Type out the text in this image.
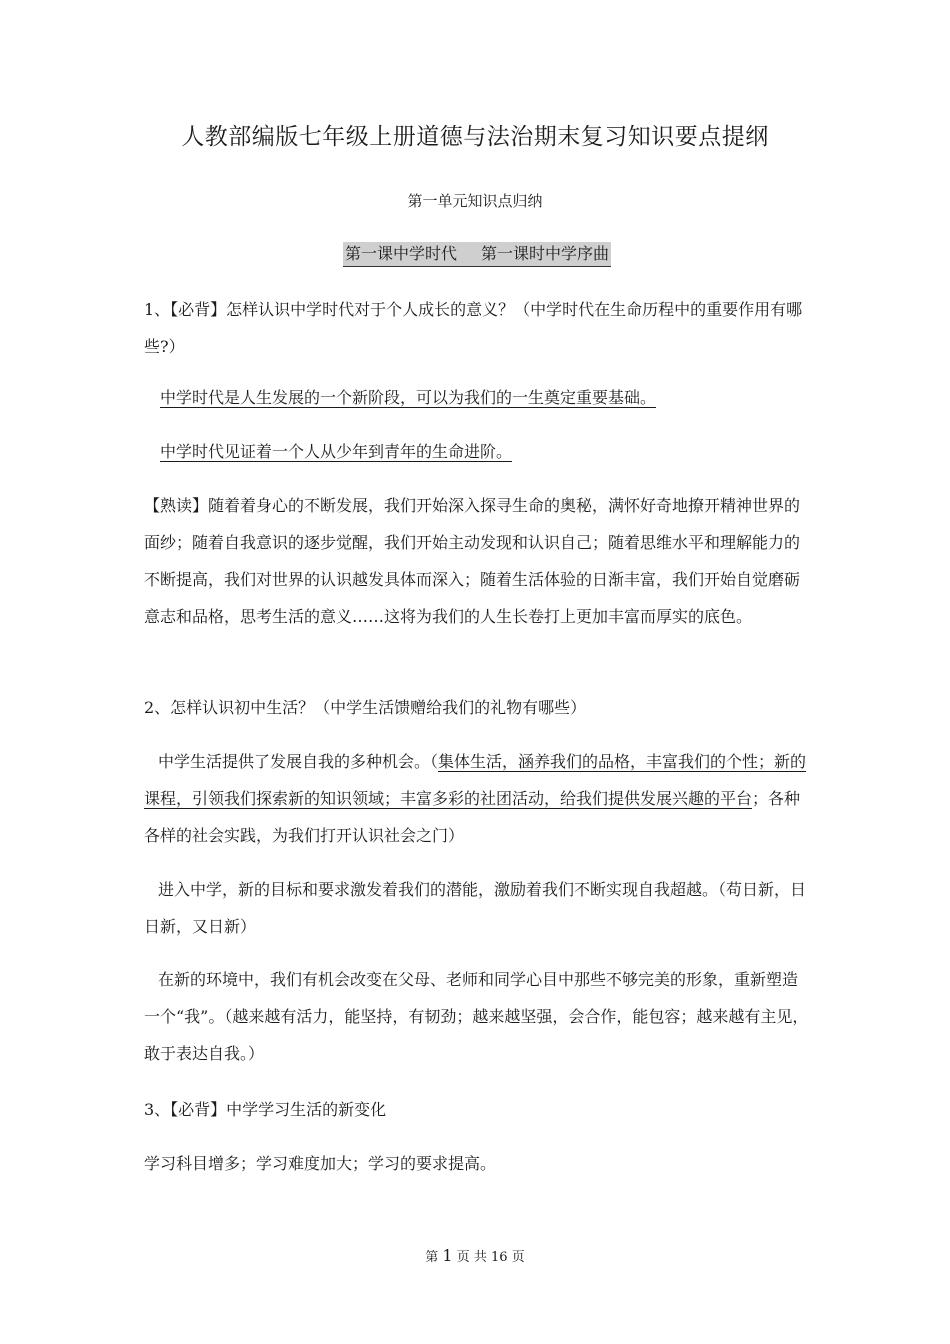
人教部编版七年级上册道德与法治期末复习知识要点提纲
第一单元知识点归纳
第一课中学时代 第一课时中学序曲

1、【必背】怎样认识中学时代对于个人成长的意义？（中学时代在生命历程中的重要作用有哪些?）

中学时代是人生发展的一个新阶段，可以为我们的一生奠定重要基础。

中学时代见证着一个人从少年到青年的生命进阶。

【熟读】随着着身心的不断发展，我们开始深入探寻生命的奥秘，满怀好奇地撩开精神世界的面纱；随着自我意识的逐步觉醒，我们开始主动发现和认识自己；随着思维水平和理解能力的不断提高，我们对世界的认识越发具体而深入；随着生活体验的日渐丰富，我们开始自觉磨砺意志和品格，思考生活的意义……这将为我们的人生长卷打上更加丰富而厚实的底色。

2、怎样认识初中生活？（中学生活馈赠给我们的礼物有哪些）

中学生活提供了发展自我的多种机会。（集体生活，涵养我们的品格，丰富我们的个性；新的课程，引领我们探索新的知识领域；丰富多彩的社团活动，给我们提供发展兴趣的平台；各种各样的社会实践，为我们打开认识社会之门）

进入中学，新的目标和要求激发着我们的潜能，激励着我们不断实现自我超越。（苟日新，日日新，又日新）

在新的环境中，我们有机会改变在父母、老师和同学心目中那些不够完美的形象，重新塑造一个“我”。（越来越有活力，能坚持，有韧劲；越来越坚强，会合作，能包容；越来越有主见，敢于表达自我。）

3、【必背】中学学习生活的新变化

学习科目增多；学习难度加大；学习的要求提高。

第 1 页 共 16 页
